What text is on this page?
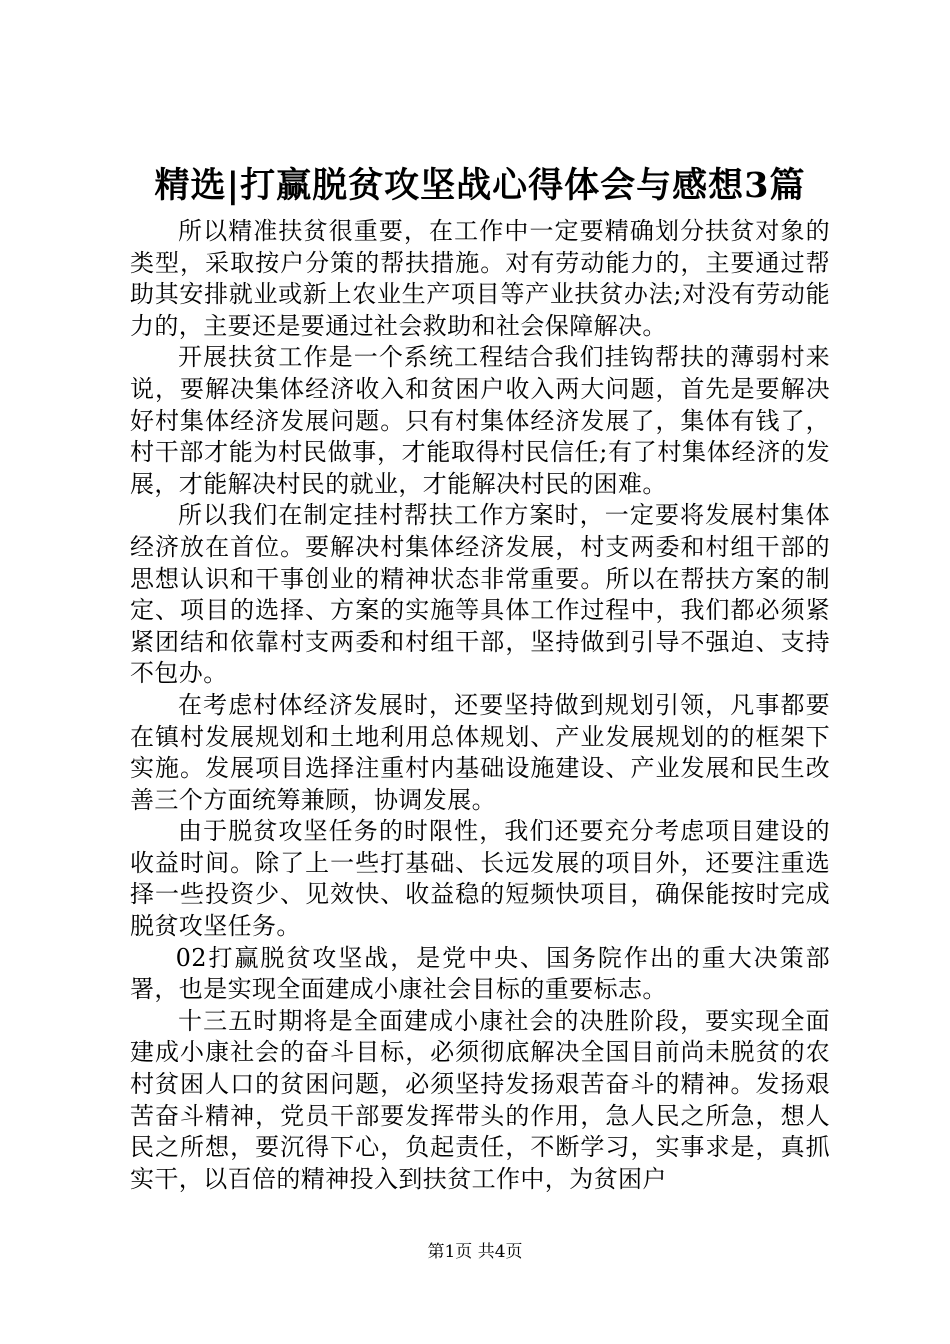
精选|打赢脱贫攻坚战心得体会与感想3篇

所以精准扶贫很重要，在工作中一定要精确划分扶贫对象的类型，采取按户分策的帮扶措施。对有劳动能力的，主要通过帮助其安排就业或新上农业生产项目等产业扶贫办法;对没有劳动能力的，主要还是要通过社会救助和社会保障解决。

开展扶贫工作是一个系统工程结合我们挂钩帮扶的薄弱村来说，要解决集体经济收入和贫困户收入两大问题，首先是要解决好村集体经济发展问题。只有村集体经济发展了，集体有钱了，村干部才能为村民做事，才能取得村民信任;有了村集体经济的发展，才能解决村民的就业，才能解决村民的困难。

所以我们在制定挂村帮扶工作方案时，一定要将发展村集体经济放在首位。要解决村集体经济发展，村支两委和村组干部的思想认识和干事创业的精神状态非常重要。所以在帮扶方案的制定、项目的选择、方案的实施等具体工作过程中，我们都必须紧紧团结和依靠村支两委和村组干部，坚持做到引导不强迫、支持不包办。

在考虑村体经济发展时，还要坚持做到规划引领，凡事都要在镇村发展规划和土地利用总体规划、产业发展规划的的框架下实施。发展项目选择注重村内基础设施建设、产业发展和民生改善三个方面统筹兼顾，协调发展。

由于脱贫攻坚任务的时限性，我们还要充分考虑项目建设的收益时间。除了上一些打基础、长远发展的项目外，还要注重选择一些投资少、见效快、收益稳的短频快项目，确保能按时完成脱贫攻坚任务。

02打赢脱贫攻坚战，是党中央、国务院作出的重大决策部署，也是实现全面建成小康社会目标的重要标志。

十三五时期将是全面建成小康社会的决胜阶段，要实现全面建成小康社会的奋斗目标，必须彻底解决全国目前尚未脱贫的农村贫困人口的贫困问题，必须坚持发扬艰苦奋斗的精神。发扬艰苦奋斗精神，党员干部要发挥带头的作用，急人民之所急，想人民之所想，要沉得下心，负起责任，不断学习，实事求是，真抓实干，以百倍的精神投入到扶贫工作中，为贫困户

第1页 共4页
